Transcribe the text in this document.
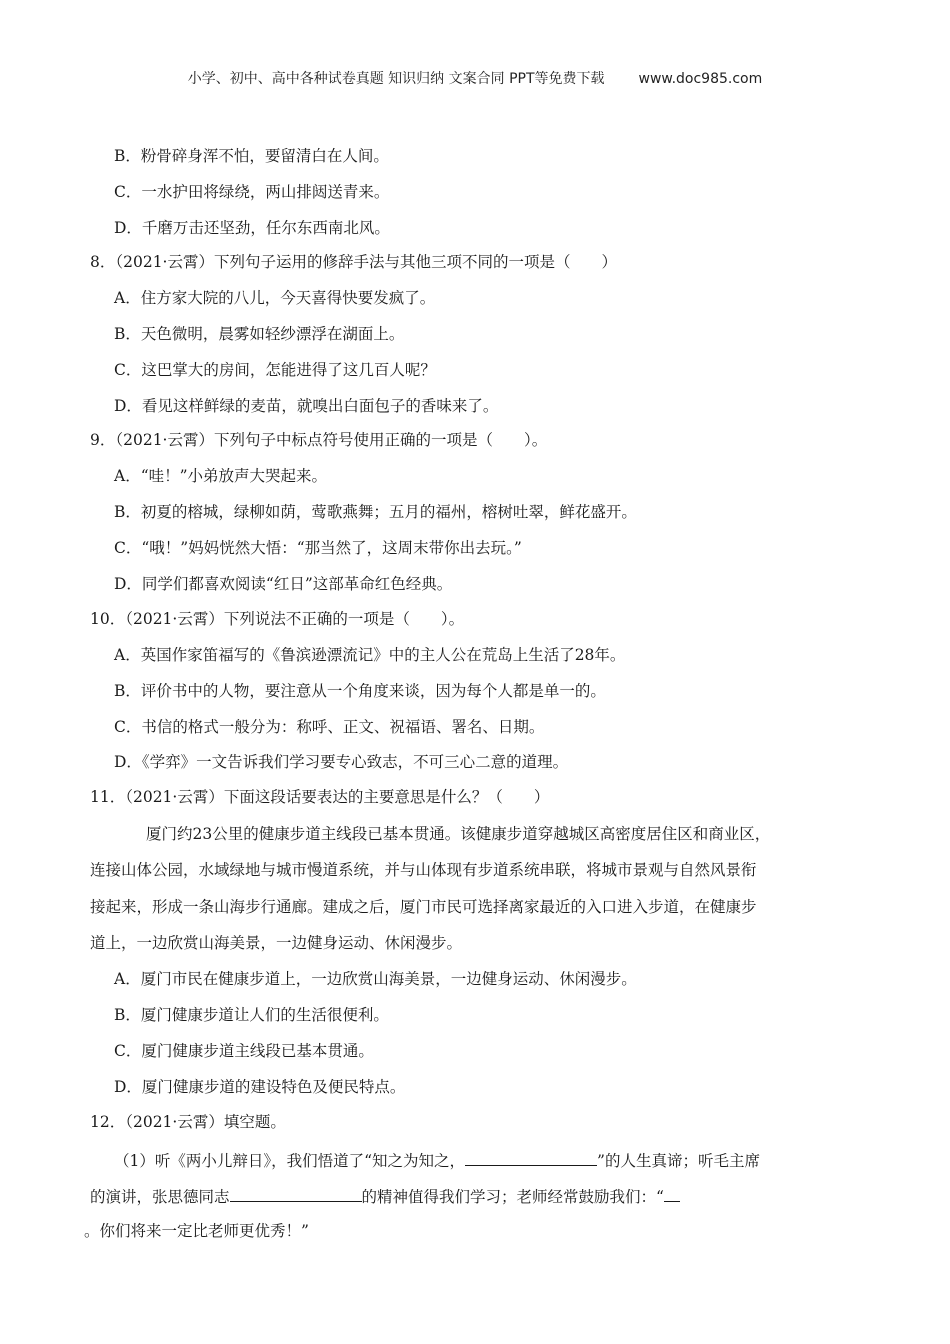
小学、初中、高中各种试卷真题 知识归纳 文案合同 PPT等免费下载 www.doc985.com
B．粉骨碎身浑不怕，要留清白在人间。
C．一水护田将绿绕，两山排闼送青来。
D．千磨万击还坚劲，任尔东西南北风。
8．（2021·云霄）下列句子运用的修辞手法与其他三项不同的一项是（　　）
A．住方家大院的八儿，今天喜得快要发疯了。
B．天色微明，晨雾如轻纱漂浮在湖面上。
C．这巴掌大的房间，怎能进得了这几百人呢？
D．看见这样鲜绿的麦苗，就嗅出白面包子的香味来了。
9．（2021·云霄）下列句子中标点符号使用正确的一项是（　　）。
A．“哇！”小弟放声大哭起来。
B．初夏的榕城，绿柳如荫，莺歌燕舞；五月的福州，榕树吐翠，鲜花盛开。
C．“哦！”妈妈恍然大悟：“那当然了，这周末带你出去玩。”
D．同学们都喜欢阅读“红日”这部革命红色经典。
10．（2021·云霄）下列说法不正确的一项是（　　）。
A．英国作家笛福写的《鲁滨逊漂流记》中的主人公在荒岛上生活了28年。
B．评价书中的人物，要注意从一个角度来谈，因为每个人都是单一的。
C．书信的格式一般分为：称呼、正文、祝福语、署名、日期。
D．《学弈》一文告诉我们学习要专心致志，不可三心二意的道理。
11．（2021·云霄）下面这段话要表达的主要意思是什么？（　　）
厦门约23公里的健康步道主线段已基本贯通。该健康步道穿越城区高密度居住区和商业区，
连接山体公园，水域绿地与城市慢道系统，并与山体现有步道系统串联，将城市景观与自然风景衔
接起来，形成一条山海步行通廊。建成之后，厦门市民可选择离家最近的入口进入步道，在健康步
道上，一边欣赏山海美景，一边健身运动、休闲漫步。
A．厦门市民在健康步道上，一边欣赏山海美景，一边健身运动、休闲漫步。
B．厦门健康步道让人们的生活很便利。
C．厦门健康步道主线段已基本贯通。
D．厦门健康步道的建设特色及便民特点。
12．（2021·云霄）填空题。
（1）听《两小儿辩日》，我们悟道了“知之为知之，	”的人生真谛；听毛主席
的演讲，张思德同志	的精神值得我们学习；老师经常鼓励我们：“
。你们将来一定比老师更优秀！”
